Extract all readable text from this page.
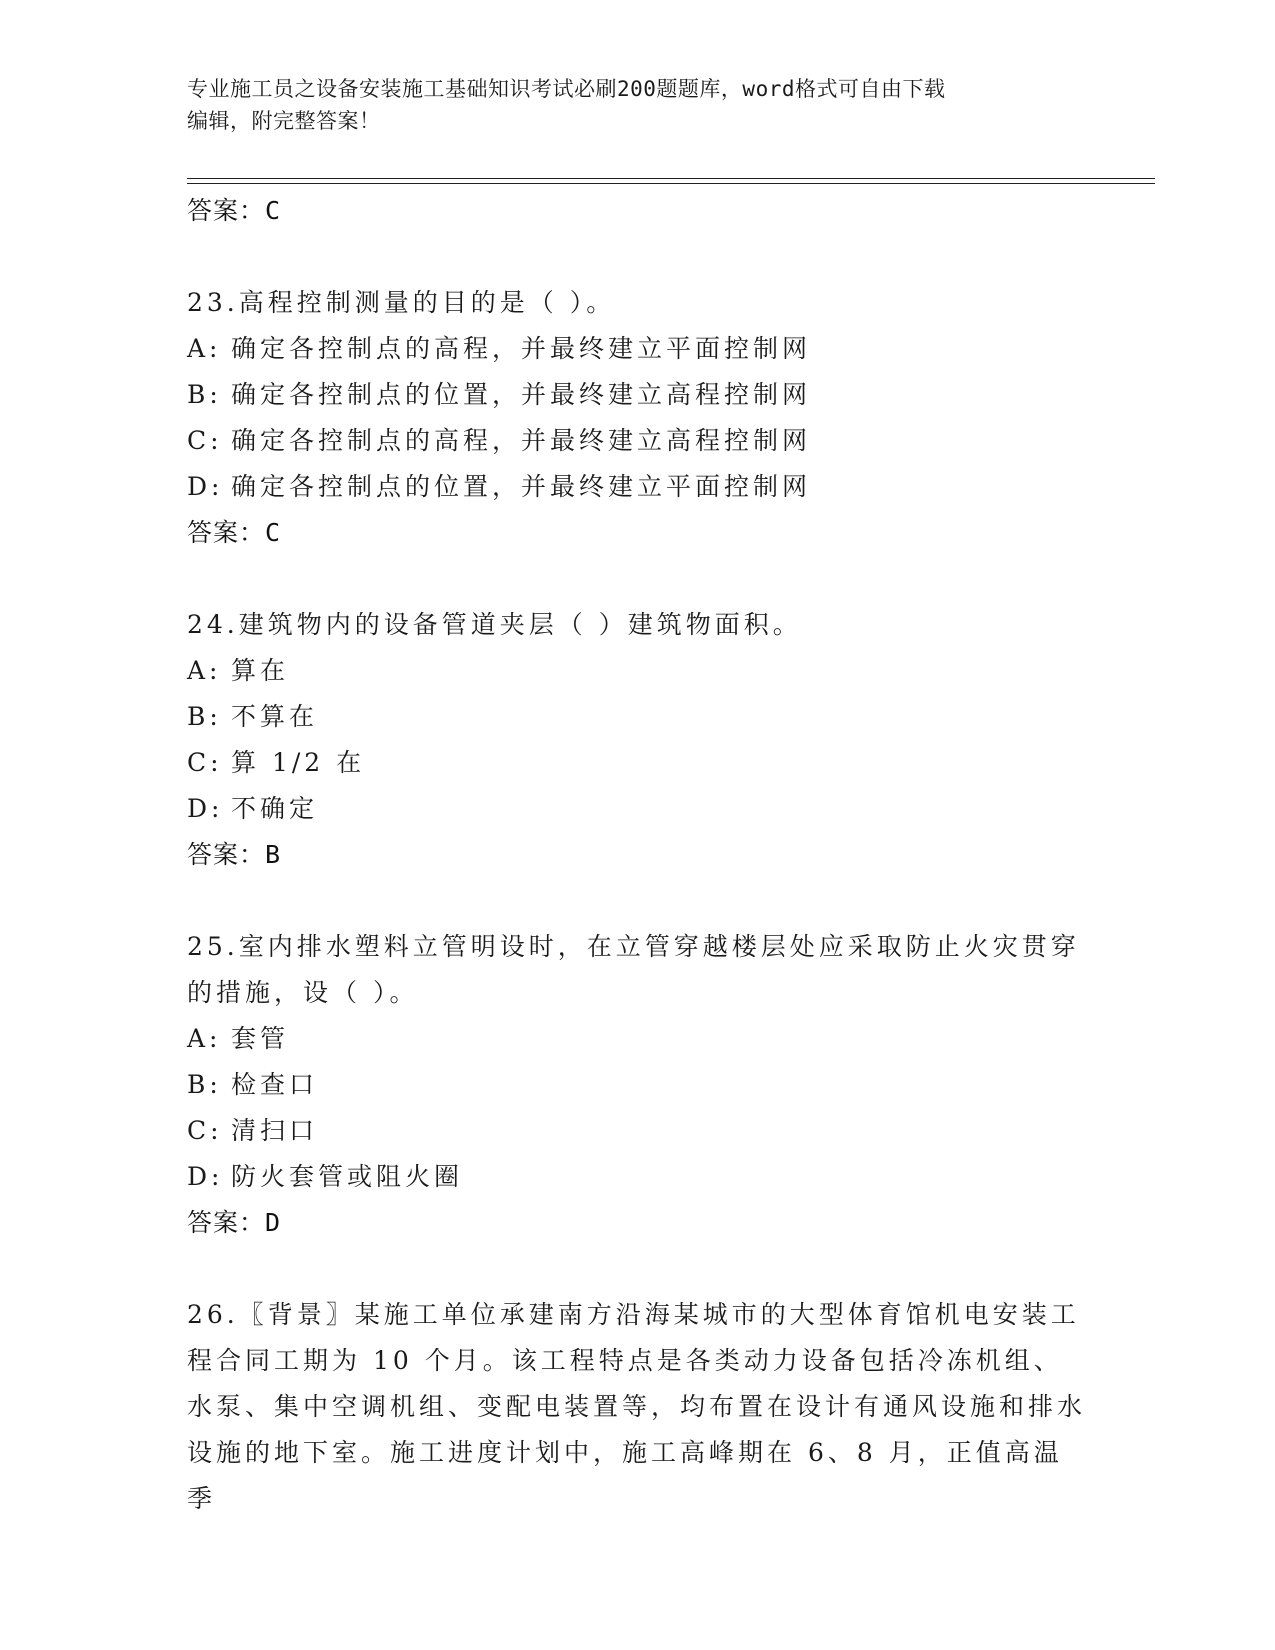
专业施工员之设备安装施工基础知识考试必刷200题题库，word格式可自由下载
编辑，附完整答案！
答案：C
23.高程控制测量的目的是（ ）。
A: 确定各控制点的高程，并最终建立平面控制网
B: 确定各控制点的位置，并最终建立高程控制网
C: 确定各控制点的高程，并最终建立高程控制网
D: 确定各控制点的位置，并最终建立平面控制网
答案：C
24.建筑物内的设备管道夹层（ ）建筑物面积。
A: 算在
B: 不算在
C: 算 1/2 在
D: 不确定
答案：B
25.室内排水塑料立管明设时，在立管穿越楼层处应采取防止火灾贯穿的措施，设（ ）。
A: 套管
B: 检查口
C: 清扫口
D: 防火套管或阻火圈
答案：D
26.〖背景〗某施工单位承建南方沿海某城市的大型体育馆机电安装工程合同工期为 10 个月。该工程特点是各类动力设备包括冷冻机组、水泵、集中空调机组、变配电装置等，均布置在设计有通风设施和排水设施的地下室。施工进度计划中，施工高峰期在 6、8 月，正值高温季
